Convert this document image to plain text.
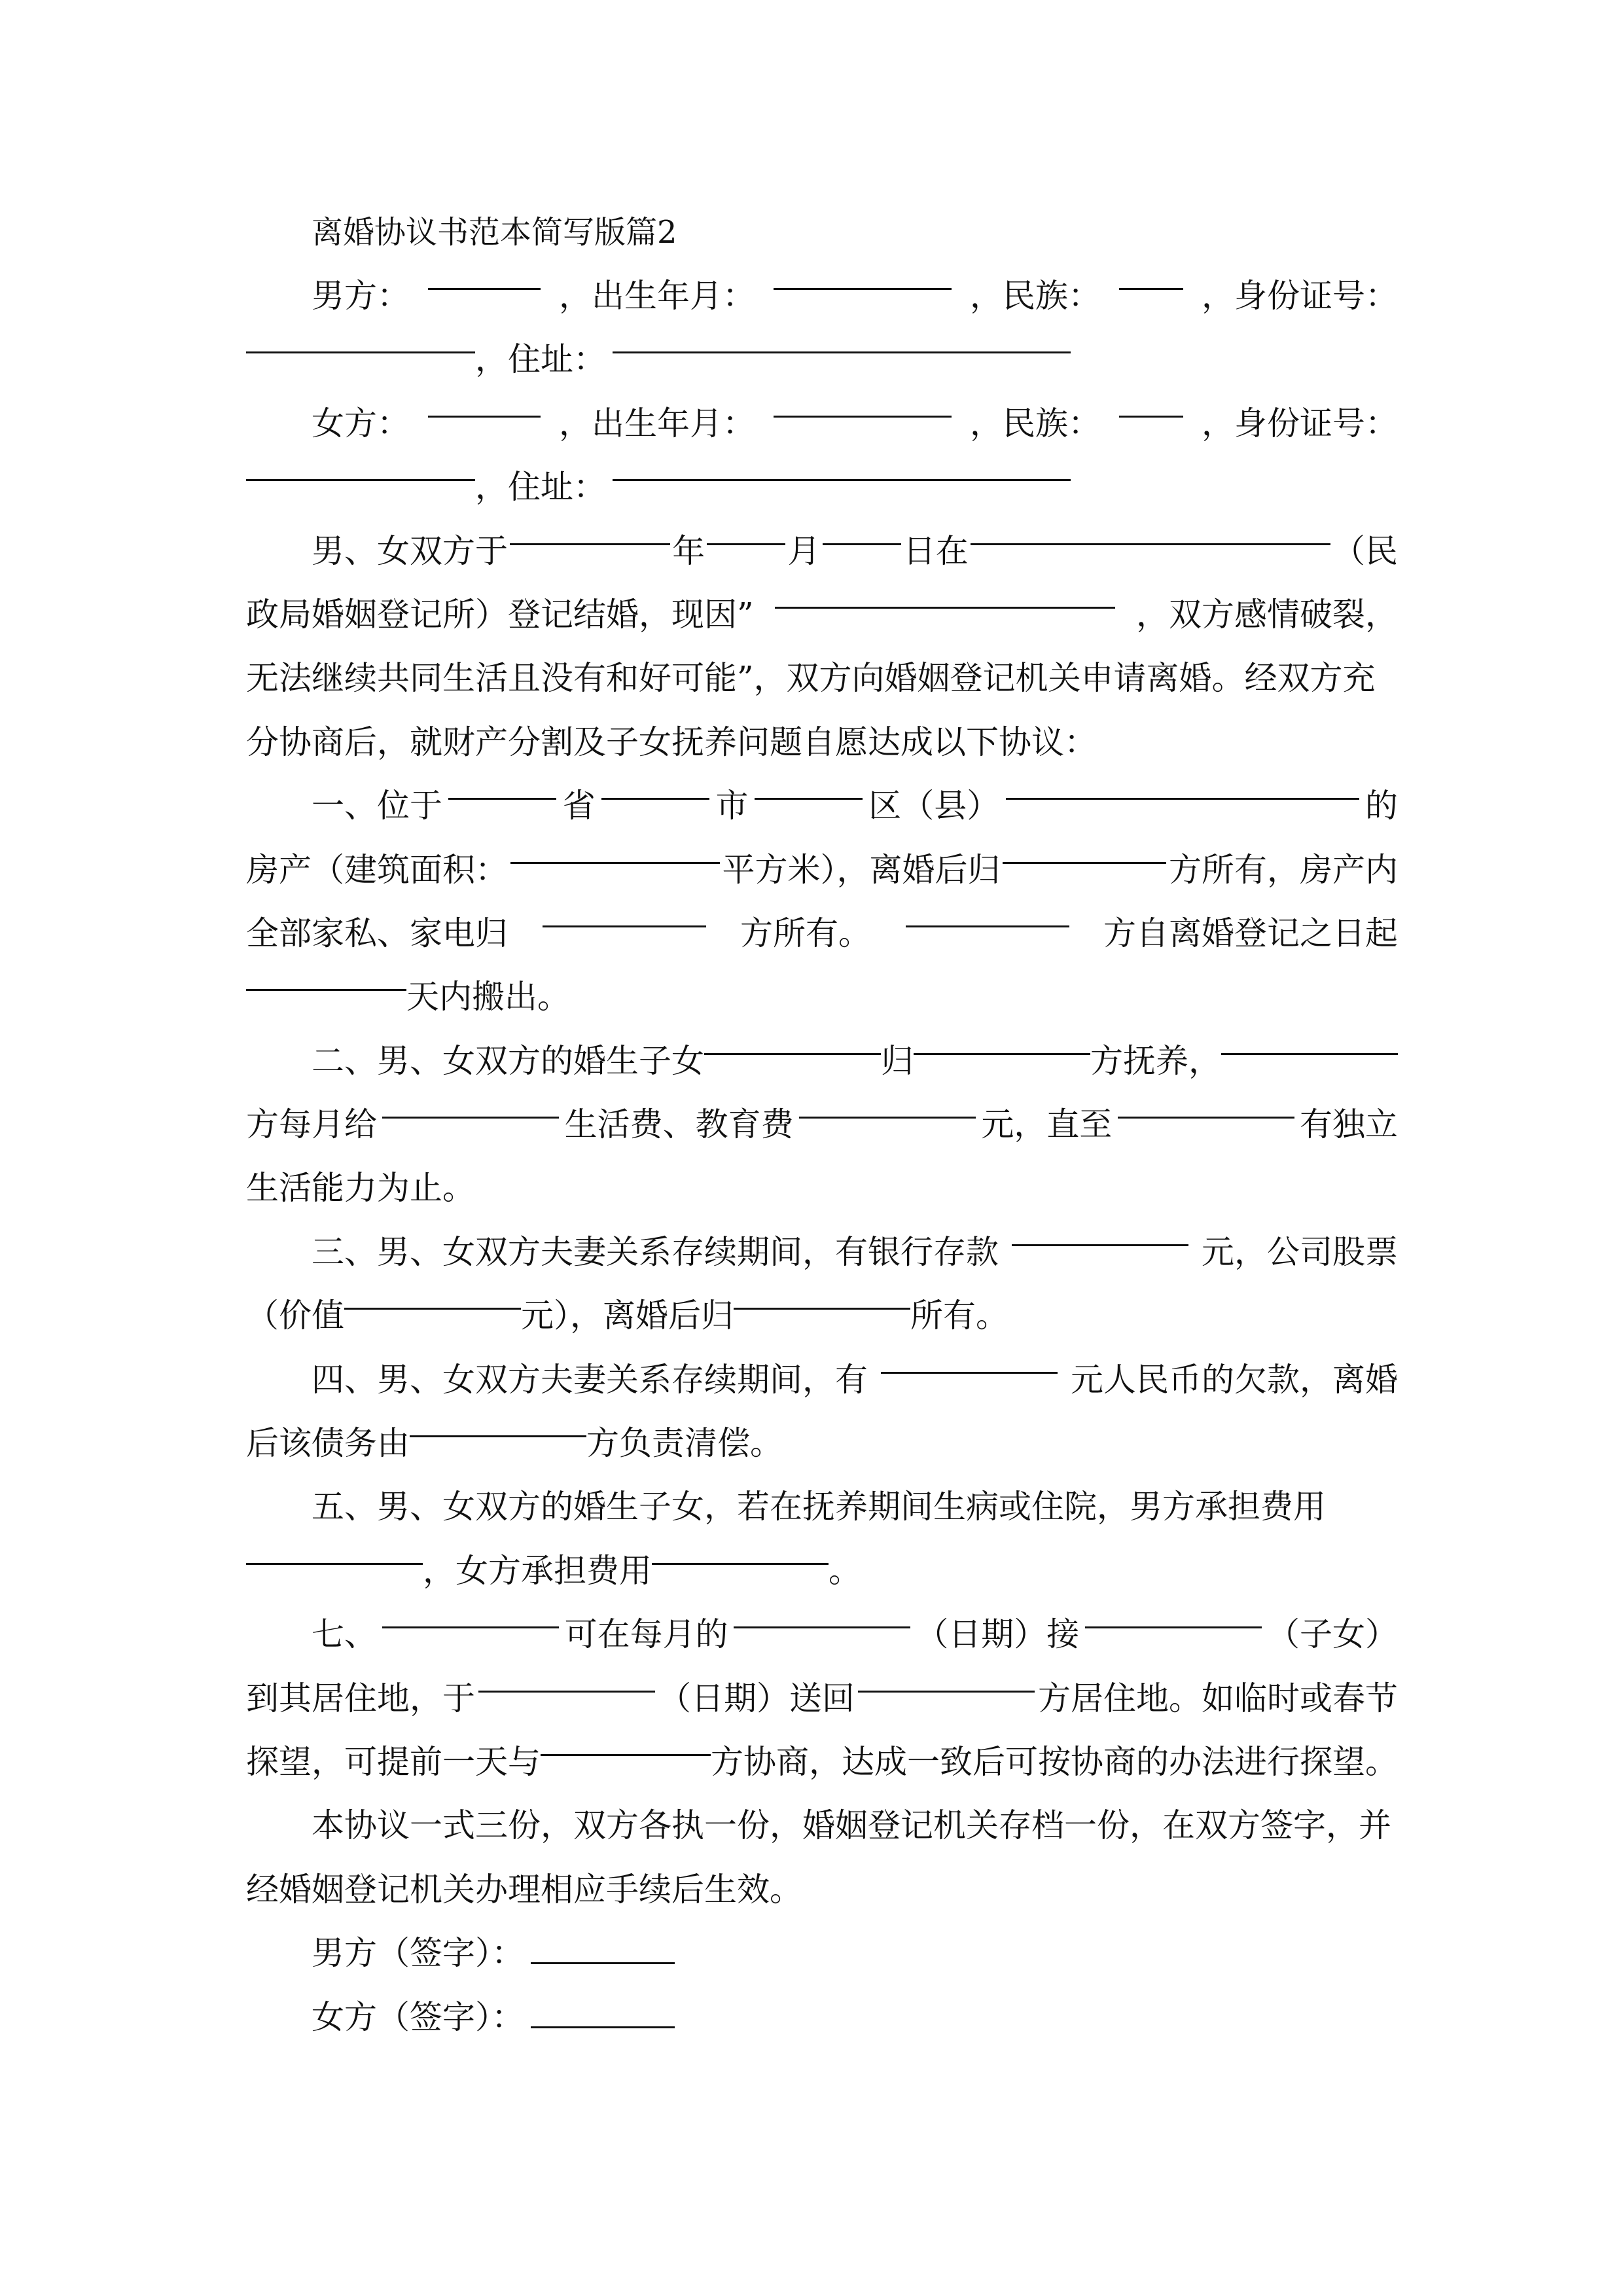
离婚协议书范本简写版篇2
男方：	，出生年月：	，民族：	，身份证号：
，住址：
女方：	，出生年月：	，民族：	，身份证号：
，住址：
男、女双方于	年	月	日在	（民
政局婚姻登记所）登记结婚，现因”	，双方感情破裂，
无法继续共同生活且没有和好可能”，双方向婚姻登记机关申请离婚。经双方充
分协商后，就财产分割及子女抚养问题自愿达成以下协议：
一、位于	省	市	区（县）	的
房产（建筑面积：	平方米），离婚后归	方所有，房产内
全部家私、家电归	方所有。	方自离婚登记之日起
天内搬出。
二、男、女双方的婚生子女	归	方抚养，
方每月给	生活费、教育费	元，直至	有独立
生活能力为止。
三、男、女双方夫妻关系存续期间，有银行存款	元，公司股票
（价值	元），离婚后归	所有。
四、男、女双方夫妻关系存续期间，有	元人民币的欠款，离婚
后该债务由	方负责清偿。
五、男、女双方的婚生子女，若在抚养期间生病或住院，男方承担费用
，女方承担费用	。
七、	可在每月的	（日期）接	（子女）
到其居住地，于	（日期）送回	方居住地。如临时或春节
探望，可提前一天与	方协商，达成一致后可按协商的办法进行探望。
本协议一式三份，双方各执一份，婚姻登记机关存档一份，在双方签字，并
经婚姻登记机关办理相应手续后生效。

男方（签字）：

女方（签字）：
